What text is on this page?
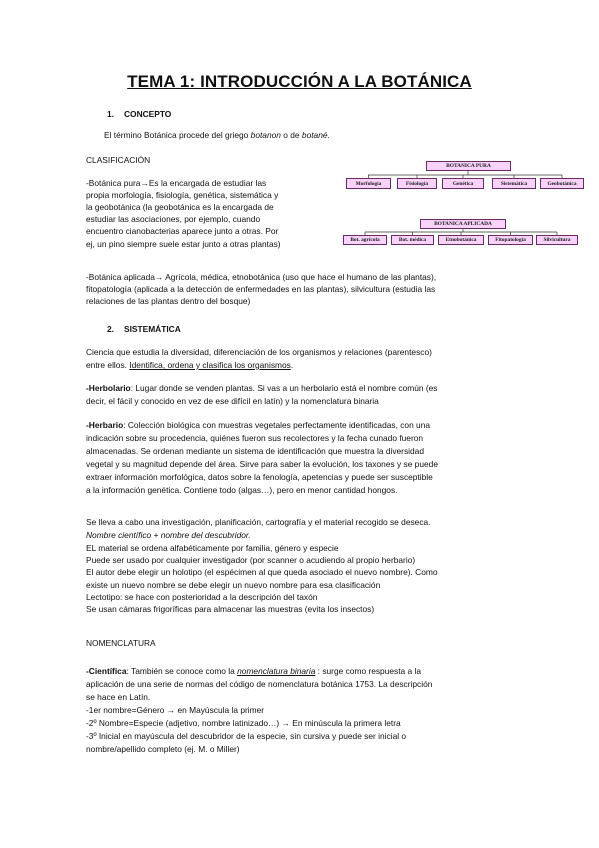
TEMA 1: INTRODUCCIÓN A LA BOTÁNICA
1. CONCEPTO
El término Botánica procede del griego botanon o de botané.
CLASIFICACIÓN
-Botánica pura→Es la encargada de estudiar las
propia morfología, fisiología, genética, sistemática y
la geobotánica (la geobotánica es la encargada de
estudiar las asociaciones, por ejemplo, cuando
encuentro cianobacterias aparece junto a otras. Por
ej, un pino siempre suele estar junto a otras plantas)
-Botánica aplicada→ Agrícola, médica, etnobotánica (uso que hace el humano de las plantas),
fitopatología (aplicada a la detección de enfermedades en las plantas), silvicultura (estudia las
relaciones de las plantas dentro del bosque)
BOTANICA PURA
Morfología	Fisiología	Genética	Sistemática	Geobotánica
BOTANICA APLICADA
Bot. agrícola	Bot. médica	Etnobotánica	Fitopatología	Silvicultura
2. SISTEMÁTICA
Ciencia que estudia la diversidad, diferenciación de los organismos y relaciones (parentesco)
entre ellos. Identifica, ordena y clasifica los organismos.
-Herbolario: Lugar donde se venden plantas. Si vas a un herbolario está el nombre común (es
decir, el fácil y conocido en vez de ese difícil en latín) y la nomenclatura binaria
-Herbario: Colección biológica con muestras vegetales perfectamente identificadas, con una
indicación sobre su procedencia, quiénes fueron sus recolectores y la fecha cunado fueron
almacenadas. Se ordenan mediante un sistema de identificación que muestra la diversidad
vegetal y su magnitud depende del área. Sirve para saber la evolución, los taxones y se puede
extraer información morfológica, datos sobre la fenología, apetencias y puede ser susceptible
a la información genética. Contiene todo (algas…), pero en menor cantidad hongos.
Se lleva a cabo una investigación, planificación, cartografía y el material recogido se deseca.
Nombre científico + nombre del descubridor.
EL material se ordena alfabéticamente por familia, género y especie
Puede ser usado por cualquier investigador (por scanner o acudiendo al propio herbario)
El autor debe elegir un holotipo (el espécimen al que queda asociado el nuevo nombre). Como
existe un nuevo nombre se debe elegir un nuevo nombre para esa clasificación
Lectotipo: se hace con posterioridad a la descripción del taxón
Se usan cámaras frigoríficas para almacenar las muestras (evita los insectos)
NOMENCLATURA
-Científica: También se conoce como la nomenclatura binaria : surge como respuesta a la
aplicación de una serie de normas del código de nomenclatura botánica 1753. La descripción
se hace en Latín.
-1er nombre=Género → en Mayúscula la primer
-2º Nombre=Especie (adjetivo, nombre latinizado…) → En minúscula la primera letra
-3º Inicial en mayúscula del descubridor de la especie, sin cursiva y puede ser inicial o
nombre/apellido completo (ej. M. o Miller)
